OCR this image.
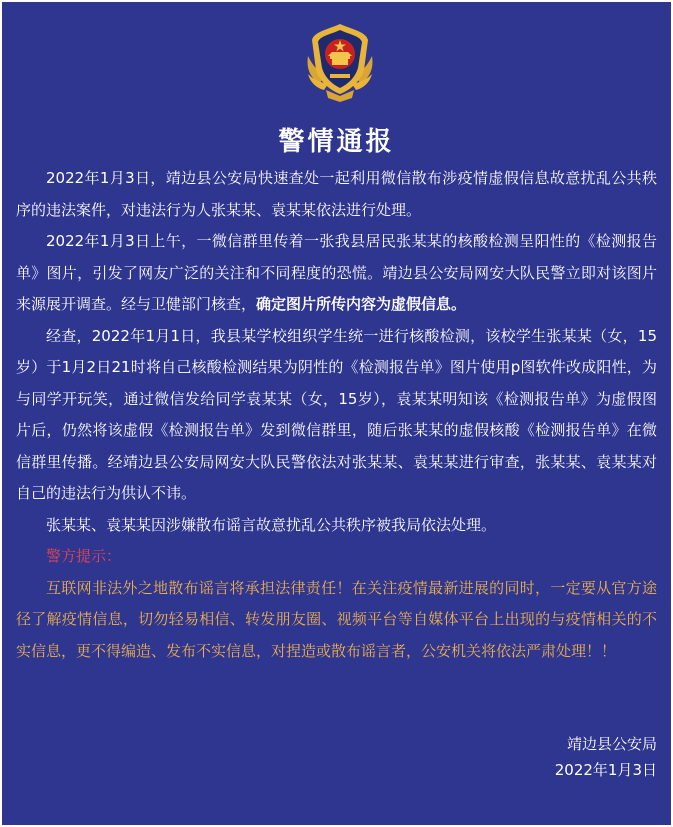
警情通报

2022年1月3日，靖边县公安局快速查处一起利用微信散布涉疫情虚假信息故意扰乱公共秩序的违法案件，对违法行为人张某某、袁某某依法进行处理。

2022年1月3日上午，一微信群里传着一张我县居民张某某的核酸检测呈阳性的《检测报告单》图片，引发了网友广泛的关注和不同程度的恐慌。靖边县公安局网安大队民警立即对该图片来源展开调查。经与卫健部门核查，确定图片所传内容为虚假信息。

经查，2022年1月1日，我县某学校组织学生统一进行核酸检测，该校学生张某某（女，15岁）于1月2日21时将自己核酸检测结果为阴性的《检测报告单》图片使用p图软件改成阳性，为与同学开玩笑，通过微信发给同学袁某某（女，15岁），袁某某明知该《检测报告单》为虚假图片后，仍然将该虚假《检测报告单》发到微信群里，随后张某某的虚假核酸《检测报告单》在微信群里传播。经靖边县公安局网安大队民警依法对张某某、袁某某进行审查，张某某、袁某某对自己的违法行为供认不讳。

张某某、袁某某因涉嫌散布谣言故意扰乱公共秩序被我局依法处理。

警方提示：

互联网非法外之地散布谣言将承担法律责任！在关注疫情最新进展的同时，一定要从官方途径了解疫情信息，切勿轻易相信、转发朋友圈、视频平台等自媒体平台上出现的与疫情相关的不实信息，更不得编造、发布不实信息，对捏造或散布谣言者，公安机关将依法严肃处理！！

靖边县公安局
2022年1月3日
